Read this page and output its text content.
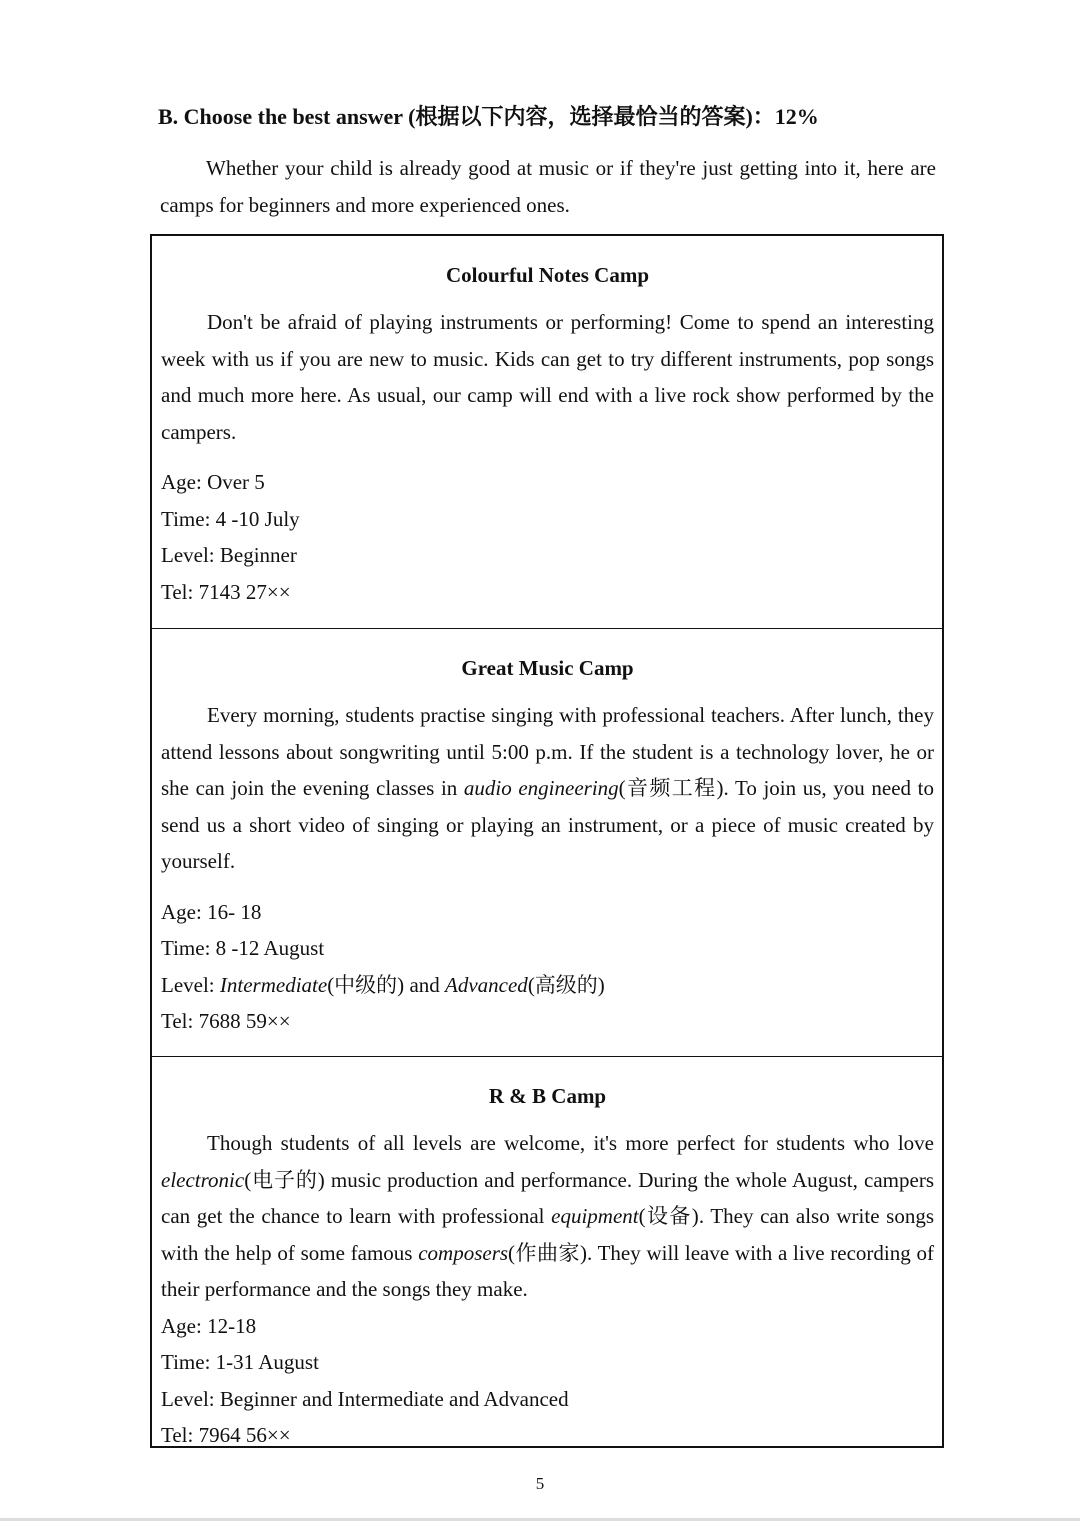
B. Choose the best answer (根据以下内容，选择最恰当的答案)：12%
Whether your child is already good at music or if they're just getting into it, here are camps for beginners and more experienced ones.
Colourful Notes Camp
Don't be afraid of playing instruments or performing! Come to spend an interesting week with us if you are new to music. Kids can get to try different instruments, pop songs and much more here. As usual, our camp will end with a live rock show performed by the campers.
Age: Over 5
Time: 4 -10 July
Level: Beginner
Tel: 7143 27××
Great Music Camp
Every morning, students practise singing with professional teachers. After lunch, they attend lessons about songwriting until 5:00 p.m. If the student is a technology lover, he or she can join the evening classes in audio engineering(音频工程). To join us, you need to send us a short video of singing or playing an instrument, or a piece of music created by yourself.
Age: 16- 18
Time: 8 -12 August
Level: Intermediate(中级的) and Advanced(高级的)
Tel: 7688 59××
R & B Camp
Though students of all levels are welcome, it's more perfect for students who love electronic(电子的) music production and performance. During the whole August, campers can get the chance to learn with professional equipment(设备). They can also write songs with the help of some famous composers(作曲家). They will leave with a live recording of their performance and the songs they make.
Age: 12-18
Time: 1-31 August
Level: Beginner and Intermediate and Advanced
Tel: 7964 56××
5
